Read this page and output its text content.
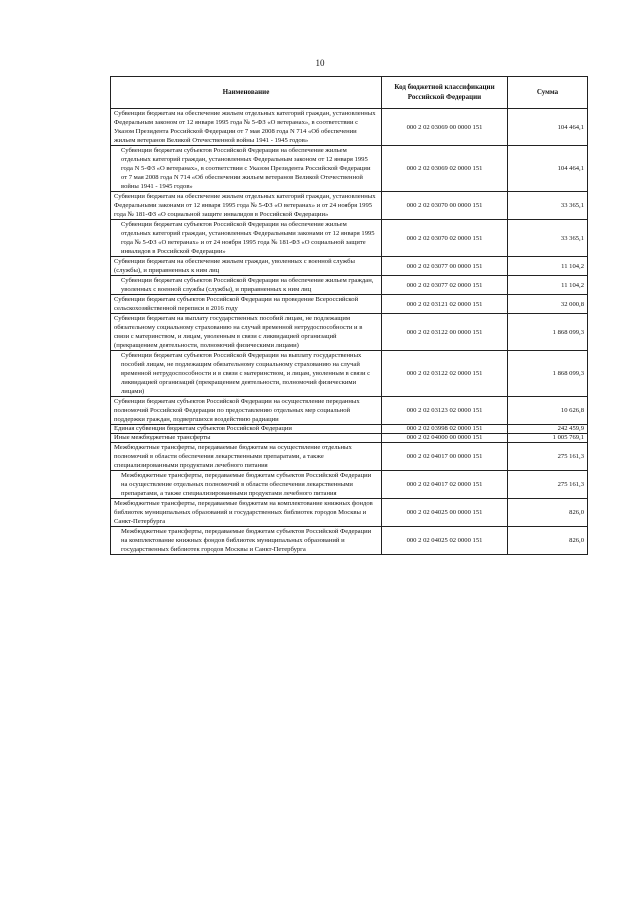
10
Наименование	Код бюджетной классификации Российской Федерации	Сумма
Субвенции бюджетам на обеспечение жильем отдельных категорий граждан, установленных Федеральным законом от 12 января 1995 года № 5-ФЗ «О ветеранах», в соответствии с Указом Президента Российской Федерации от 7 мая 2008 года N 714 «Об обеспечении жильем ветеранов Великой Отечественной войны 1941 - 1945 годов»	000 2 02 03069 00 0000 151	104 464,1
Субвенции бюджетам субъектов Российской Федерации на обеспечение жильем отдельных категорий граждан, установленных Федеральным законом от 12 января 1995 года N 5-ФЗ «О ветеранах», в соответствии с Указом Президента Российской Федерации от 7 мая 2008 года N 714 «Об обеспечении жильем ветеранов Великой Отечественной войны 1941 - 1945 годов»	000 2 02 03069 02 0000 151	104 464,1
Субвенции бюджетам на обеспечение жильем отдельных категорий граждан, установленных Федеральными законами от 12 января 1995 года № 5-ФЗ «О ветеранах» и от 24 ноября 1995 года № 181-ФЗ «О социальной защите инвалидов в Российской Федерации»	000 2 02 03070 00 0000 151	33 365,1
Субвенции бюджетам субъектов Российской Федерации на обеспечение жильем отдельных категорий граждан, установленных Федеральными законами от 12 января 1995 года № 5-ФЗ «О ветеранах» и от 24 ноября 1995 года № 181-ФЗ «О социальной защите инвалидов в Российской Федерации»	000 2 02 03070 02 0000 151	33 365,1
Субвенции бюджетам на обеспечение жильем граждан, уволенных с военной службы (службы), и приравненных к ним лиц	000 2 02 03077 00 0000 151	11 104,2
Субвенции бюджетам субъектов Российской Федерации на обеспечение жильем граждан, уволенных с военной службы (службы), и приравненных к ним лиц	000 2 02 03077 02 0000 151	11 104,2
Субвенции бюджетам субъектов Российской Федерации на проведение Всероссийской сельскохозяйственной переписи в 2016 году	000 2 02 03121 02 0000 151	32 000,8
Субвенции бюджетам на выплату государственных пособий лицам, не подлежащим обязательному социальному страхованию на случай временной нетрудоспособности и в связи с материнством, и лицам, уволенным в связи с ликвидацией организаций (прекращением деятельности, полномочий физическими лицами)	000 2 02 03122 00 0000 151	1 868 099,3
Субвенции бюджетам субъектов Российской Федерации на выплату государственных пособий лицам, не подлежащим обязательному социальному страхованию на случай временной нетрудоспособности и в связи с материнством, и лицам, уволенным в связи с ликвидацией организаций (прекращением деятельности, полномочий физическими лицами)	000 2 02 03122 02 0000 151	1 868 099,3
Субвенции бюджетам субъектов Российской Федерации на осуществление переданных полномочий Российской Федерации по предоставлению отдельных мер социальной поддержки граждан, подвергшихся воздействию радиации	000 2 02 03123 02 0000 151	10 626,8
Единая субвенция бюджетам субъектов Российской Федерации	000 2 02 03998 02 0000 151	242 459,9
Иные межбюджетные трансферты	000 2 02 04000 00 0000 151	1 005 769,1
Межбюджетные трансферты, передаваемые бюджетам на осуществление отдельных полномочий в области обеспечения лекарственными препаратами, а также специализированными продуктами лечебного питания	000 2 02 04017 00 0000 151	275 161,3
Межбюджетные трансферты, передаваемые бюджетам субъектов Российской Федерации на осуществление отдельных полномочий в области обеспечения лекарственными препаратами, а также специализированными продуктами лечебного питания	000 2 02 04017 02 0000 151	275 161,3
Межбюджетные трансферты, передаваемые бюджетам на комплектование книжных фондов библиотек муниципальных образований и государственных библиотек городов Москвы и Санкт-Петербурга	000 2 02 04025 00 0000 151	826,0
Межбюджетные трансферты, передаваемые бюджетам субъектов Российской Федерации на комплектование книжных фондов библиотек муниципальных образований и государственных библиотек городов Москвы и Санкт-Петербурга	000 2 02 04025 02 0000 151	826,0
